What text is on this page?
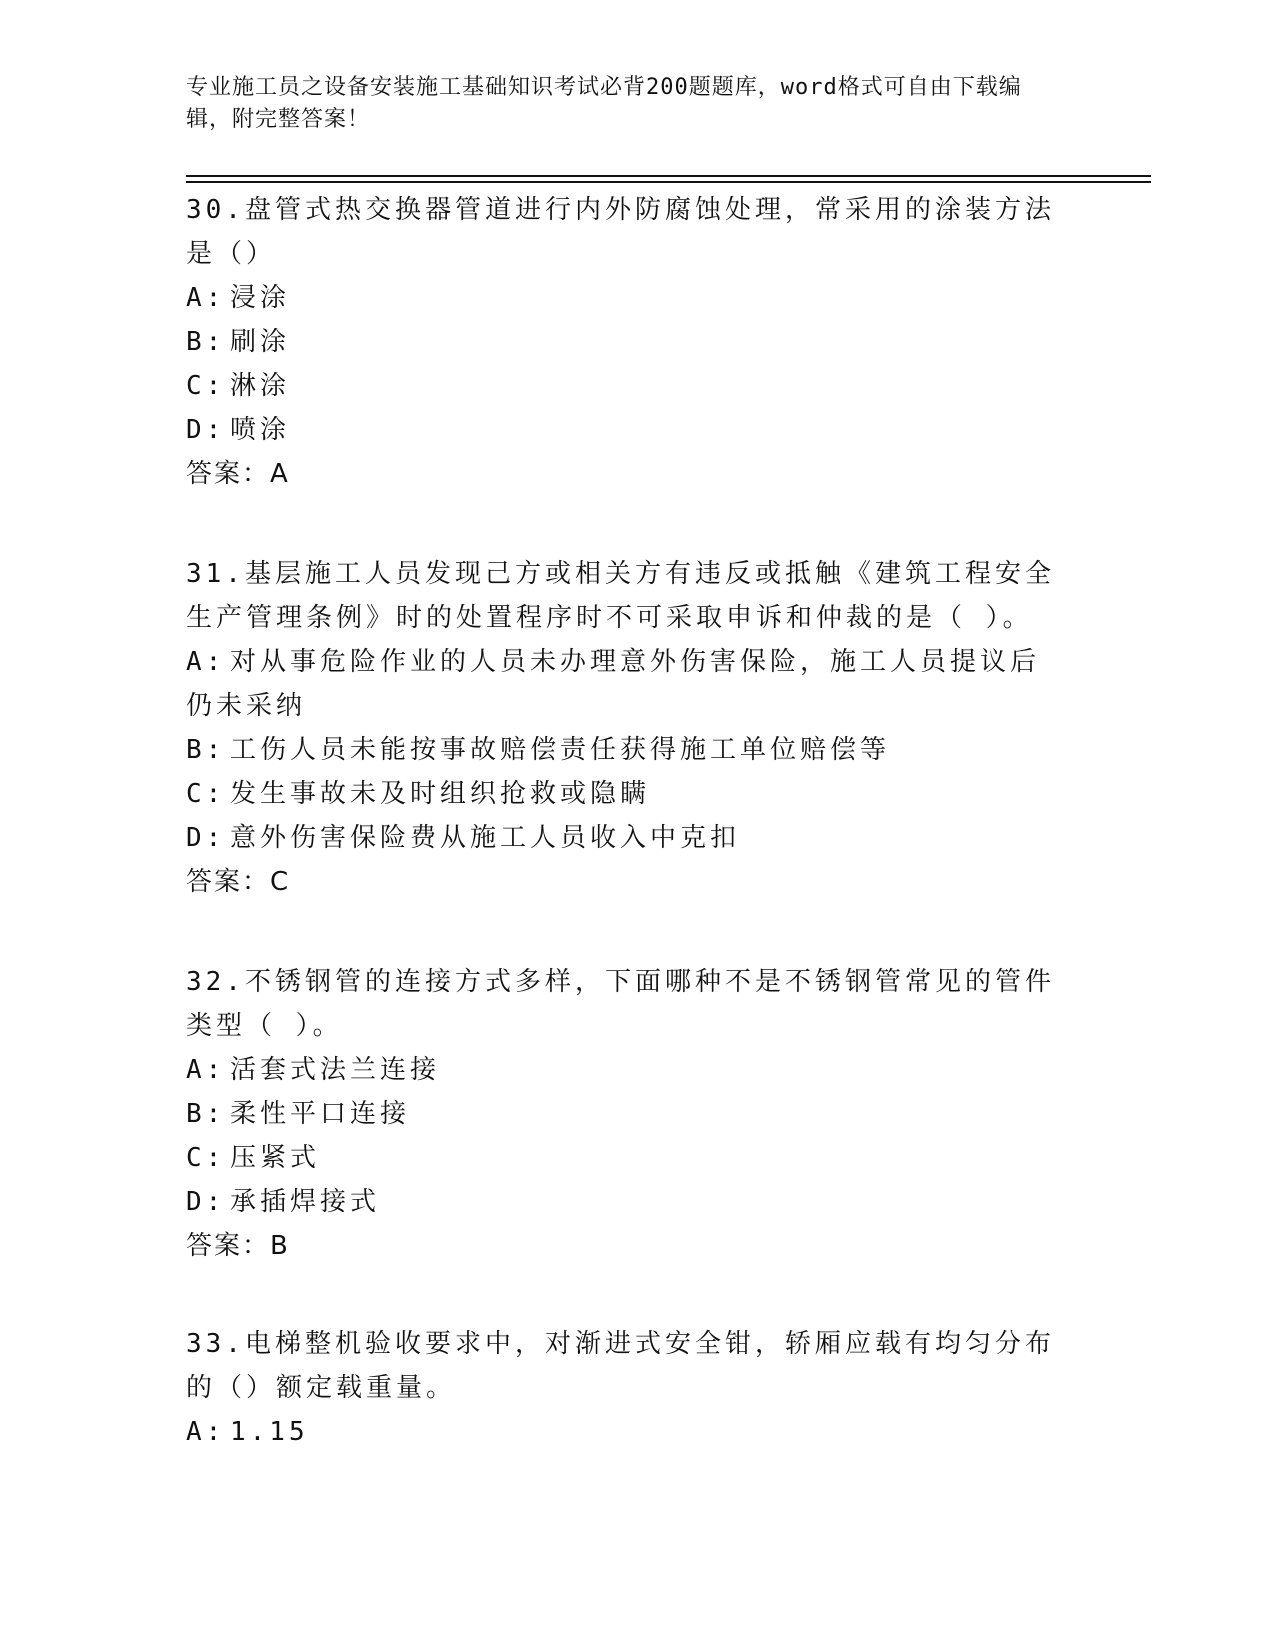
专业施工员之设备安装施工基础知识考试必背200题题库，word格式可自由下载编辑，附完整答案！

30.盘管式热交换器管道进行内外防腐蚀处理，常采用的涂装方法是（）

A: 浸涂

B: 刷涂

C: 淋涂

D: 喷涂

答案：A

31.基层施工人员发现己方或相关方有违反或抵触《建筑工程安全生产管理条例》时的处置程序时不可采取申诉和仲裁的是（ ）。

A: 对从事危险作业的人员未办理意外伤害保险，施工人员提议后仍未采纳

B: 工伤人员未能按事故赔偿责任获得施工单位赔偿等

C: 发生事故未及时组织抢救或隐瞒

D: 意外伤害保险费从施工人员收入中克扣

答案：C

32.不锈钢管的连接方式多样，下面哪种不是不锈钢管常见的管件类型（ ）。

A: 活套式法兰连接

B: 柔性平口连接

C: 压紧式

D: 承插焊接式

答案：B

33.电梯整机验收要求中，对渐进式安全钳，轿厢应载有均匀分布的（）额定载重量。

A: 1.15
